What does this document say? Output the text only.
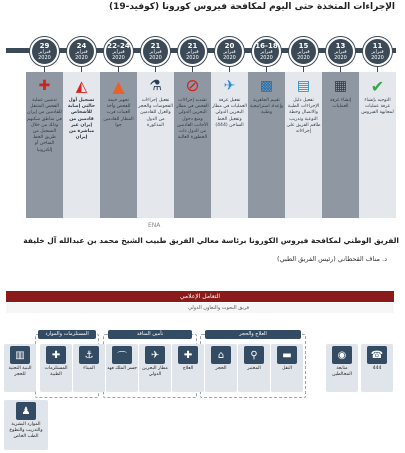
الإجراءات المتخذة حتى اليوم لمكافحة فيروس كورونا (كوفيد-19)
11
فبراير
2020
✔
التوجيه بإنشاء غرفة عمليات لمجابهة الفيروس
13
فبراير
2020
▦
إنشاء غرفة العمليات
15
فبراير
2020
▤
تفعيل دليل الإجراءات الطبية والاتصال وخطة التوعية وتدريب طاقم الفريق على إجراءاته
16-18
فبراير
2020
▩
تقييم الجاهزية وإعداد استراتيجية وطنية
20
فبراير
2020
✈
تفعيل غرفة العمليات في مطار البحرين الدولي وتفعيل الخط الساخن (444)
21
فبراير
2020
⊘
تشديد إجراءات الفحص في مطار البحرين الدولي ومنع دخول الأجانب القادمين من الدول ذات الخطورة العالية
21
فبراير
2020
⚗
تفعيل إجراءات الفحوصات والحجر والعزل للقادمين من الدول المذكورة
22-24
فبراير
2020
▲
تجهيز خيمة للفحص وأخذ العينات قرب المطار للقادمين جوا
24
فبراير
2020
◭
تسجيل أول حالتي إصابة للأشخاص قادمين من إيران غير مباشرة من إيران
29
فبراير
2020
✚
تدشين عملية الفحص المتنقل للقادمين من إيران في مناطق سكنهم وذلك من خلال التسجيل من طريق الخط الساخن أو إلكترونيا
ENA
الفريق الوطني لمكافحة فيروس الكورونا برئاسة معالي الفريق طبيب الشيخ محمد بن عبدالله آل خليفة
د. مناف القحطاني (رئيس الفريق الطبي)
التعامل الإعلامي
فريق البحوث والتعاون الدولي
العلاج والحجر
تأمين المنافذ
المستلزمات والموارد
☎
444
◉
متابعة المخالطين
▬
النقل
⚲
المختبر
⌂
الحجر
✚
العلاج
✈
مطار البحرين الدولي
⌒
جسر الملك فهد
⚓
الميناء
✚
المستلزمات الطبية
♟
الموارد البشرية والتدريب والتطوع الطب الخاص
▥
البنية التحتية للحجر
